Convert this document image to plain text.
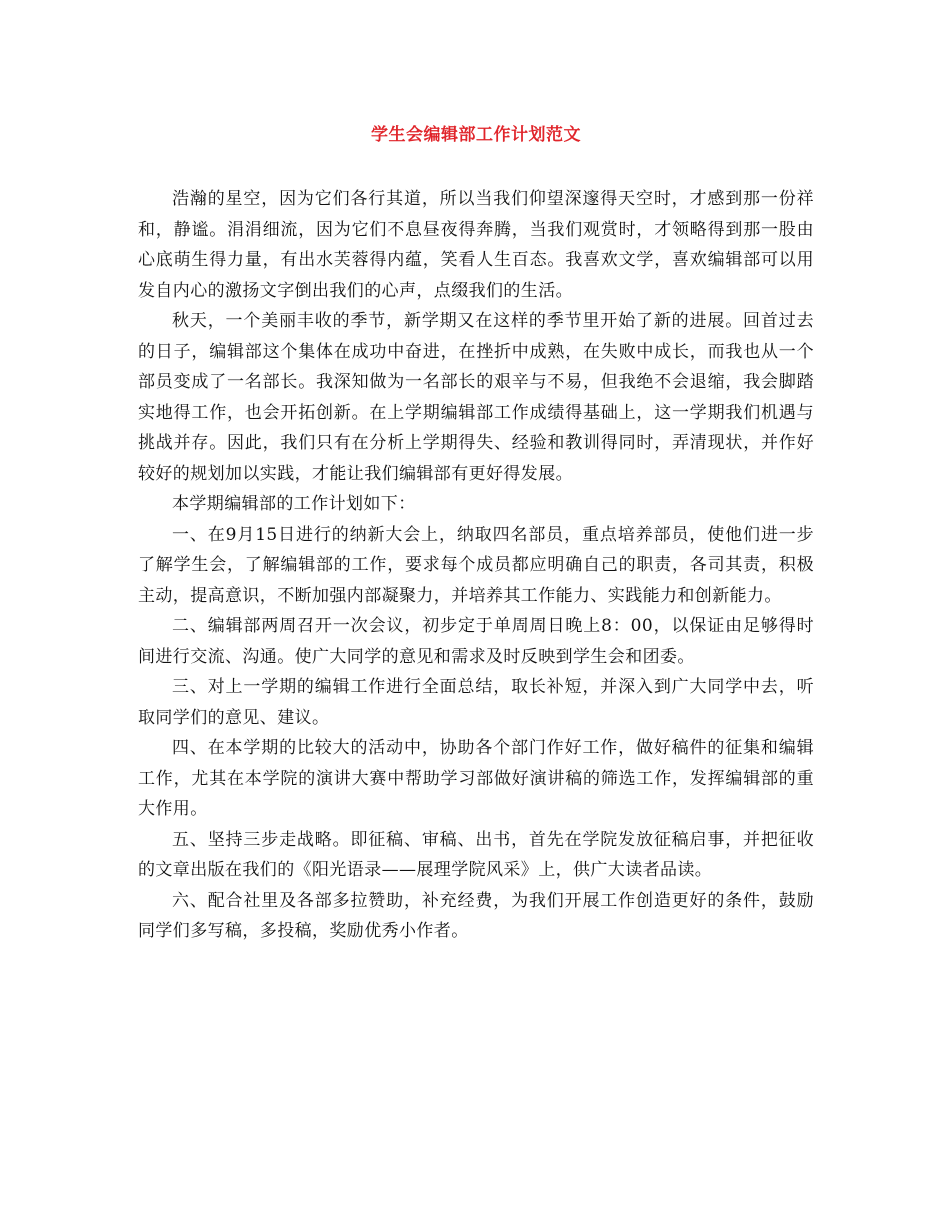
学生会编辑部工作计划范文

浩瀚的星空，因为它们各行其道，所以当我们仰望深邃得天空时，才感到那一份祥和，静谧。涓涓细流，因为它们不息昼夜得奔腾，当我们观赏时，才领略得到那一股由心底萌生得力量，有出水芙蓉得内蕴，笑看人生百态。我喜欢文学，喜欢编辑部可以用发自内心的激扬文字倒出我们的心声，点缀我们的生活。

秋天，一个美丽丰收的季节，新学期又在这样的季节里开始了新的进展。回首过去的日子，编辑部这个集体在成功中奋进，在挫折中成熟，在失败中成长，而我也从一个部员变成了一名部长。我深知做为一名部长的艰辛与不易，但我绝不会退缩，我会脚踏实地得工作，也会开拓创新。在上学期编辑部工作成绩得基础上，这一学期我们机遇与挑战并存。因此，我们只有在分析上学期得失、经验和教训得同时，弄清现状，并作好较好的规划加以实践，才能让我们编辑部有更好得发展。

本学期编辑部的工作计划如下：

一、在9月15日进行的纳新大会上，纳取四名部员，重点培养部员，使他们进一步了解学生会，了解编辑部的工作，要求每个成员都应明确自己的职责，各司其责，积极主动，提高意识，不断加强内部凝聚力，并培养其工作能力、实践能力和创新能力。

二、编辑部两周召开一次会议，初步定于单周周日晚上8：00，以保证由足够得时间进行交流、沟通。使广大同学的意见和需求及时反映到学生会和团委。

三、对上一学期的编辑工作进行全面总结，取长补短，并深入到广大同学中去，听取同学们的意见、建议。

四、在本学期的比较大的活动中，协助各个部门作好工作，做好稿件的征集和编辑工作，尤其在本学院的演讲大赛中帮助学习部做好演讲稿的筛选工作，发挥编辑部的重大作用。

五、坚持三步走战略。即征稿、审稿、出书，首先在学院发放征稿启事，并把征收的文章出版在我们的《阳光语录——展理学院风采》上，供广大读者品读。

六、配合社里及各部多拉赞助，补充经费，为我们开展工作创造更好的条件，鼓励同学们多写稿，多投稿，奖励优秀小作者。
